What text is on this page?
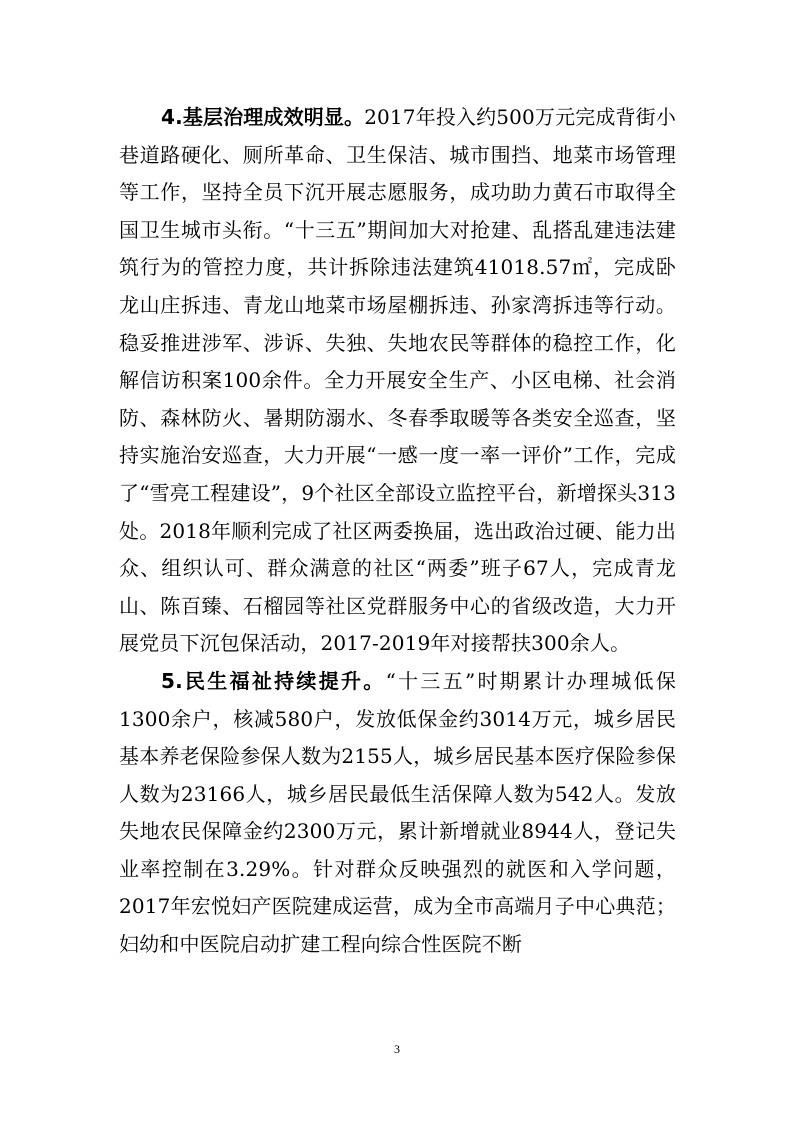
4.基层治理成效明显。2017年投入约500万元完成背街小巷道路硬化、厕所革命、卫生保洁、城市围挡、地菜市场管理等工作，坚持全员下沉开展志愿服务，成功助力黄石市取得全国卫生城市头衔。“十三五”期间加大对抢建、乱搭乱建违法建筑行为的管控力度，共计拆除违法建筑41018.57㎡，完成卧龙山庄拆违、青龙山地菜市场屋棚拆违、孙家湾拆违等行动。稳妥推进涉军、涉诉、失独、失地农民等群体的稳控工作，化解信访积案100余件。全力开展安全生产、小区电梯、社会消防、森林防火、暑期防溺水、冬春季取暖等各类安全巡查，坚持实施治安巡查，大力开展“一感一度一率一评价”工作，完成了“雪亮工程建设”，9个社区全部设立监控平台，新增探头313处。2018年顺利完成了社区两委换届，选出政治过硬、能力出众、组织认可、群众满意的社区“两委”班子67人，完成青龙山、陈百臻、石榴园等社区党群服务中心的省级改造，大力开展党员下沉包保活动，2017-2019年对接帮扶300余人。

5.民生福祉持续提升。“十三五”时期累计办理城低保1300余户，核减580户，发放低保金约3014万元，城乡居民基本养老保险参保人数为2155人，城乡居民基本医疗保险参保人数为23166人，城乡居民最低生活保障人数为542人。发放失地农民保障金约2300万元，累计新增就业8944人，登记失业率控制在3.29%。针对群众反映强烈的就医和入学问题，2017年宏悦妇产医院建成运营，成为全市高端月子中心典范；妇幼和中医院启动扩建工程向综合性医院不断

3
